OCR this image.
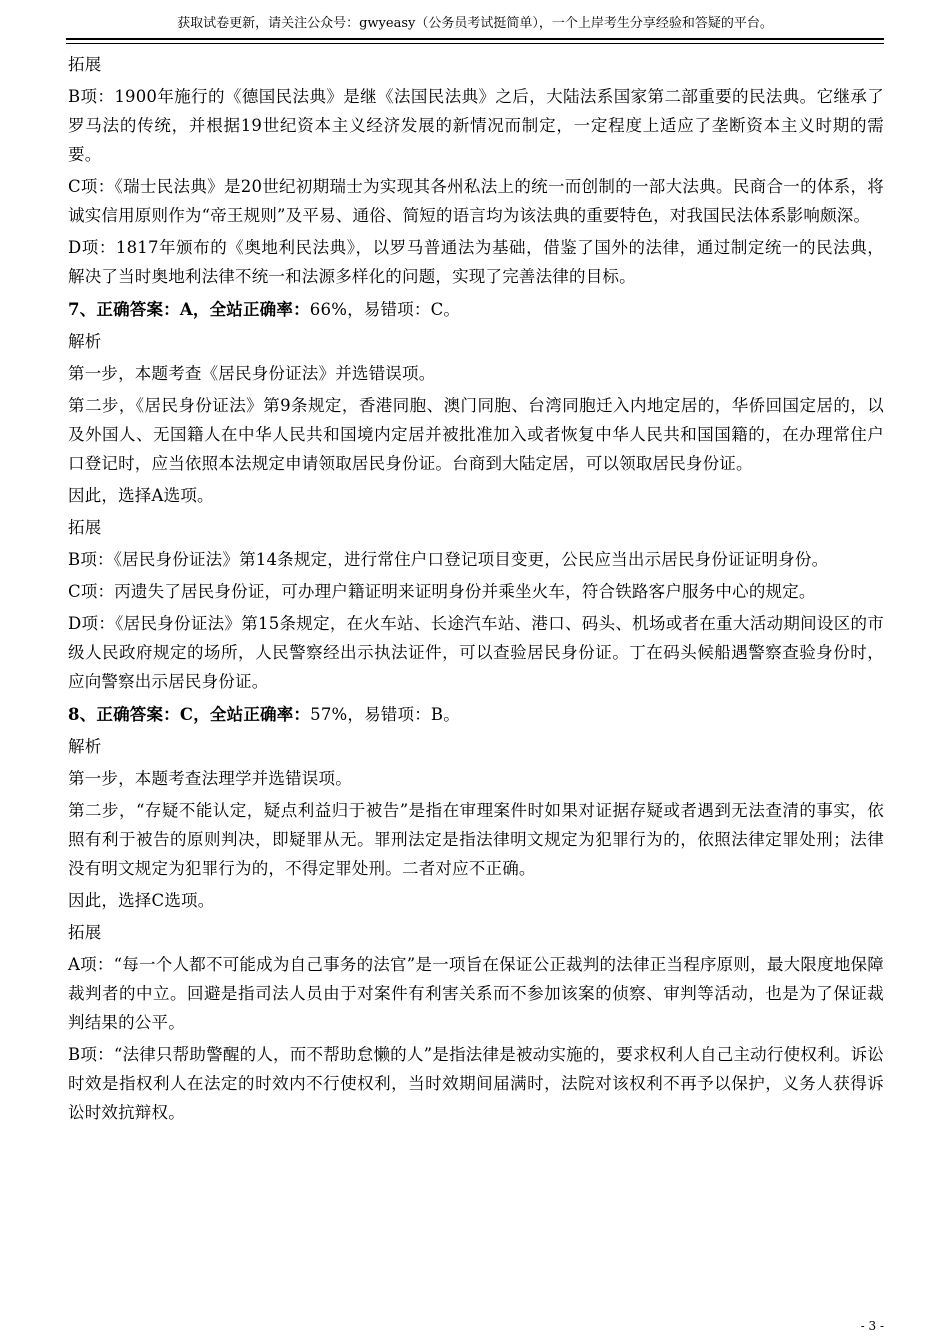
获取试卷更新，请关注公众号：gwyeasy（公务员考试挺简单），一个上岸考生分享经验和答疑的平台。

拓展

B项：1900年施行的《德国民法典》是继《法国民法典》之后，大陆法系国家第二部重要的民法典。它继承了罗马法的传统，并根据19世纪资本主义经济发展的新情况而制定，一定程度上适应了垄断资本主义时期的需要。

C项：《瑞士民法典》是20世纪初期瑞士为实现其各州私法上的统一而创制的一部大法典。民商合一的体系，将诚实信用原则作为“帝王规则”及平易、通俗、简短的语言均为该法典的重要特色，对我国民法体系影响颇深。

D项：1817年颁布的《奥地利民法典》，以罗马普通法为基础，借鉴了国外的法律，通过制定统一的民法典，解决了当时奥地利法律不统一和法源多样化的问题，实现了完善法律的目标。

7、正确答案：A，全站正确率：66%，易错项：C。

解析

第一步，本题考查《居民身份证法》并选错误项。

第二步，《居民身份证法》第9条规定，香港同胞、澳门同胞、台湾同胞迁入内地定居的，华侨回国定居的，以及外国人、无国籍人在中华人民共和国境内定居并被批准加入或者恢复中华人民共和国国籍的，在办理常住户口登记时，应当依照本法规定申请领取居民身份证。台商到大陆定居，可以领取居民身份证。

因此，选择A选项。

拓展

B项：《居民身份证法》第14条规定，进行常住户口登记项目变更，公民应当出示居民身份证证明身份。

C项：丙遗失了居民身份证，可办理户籍证明来证明身份并乘坐火车，符合铁路客户服务中心的规定。

D项：《居民身份证法》第15条规定，在火车站、长途汽车站、港口、码头、机场或者在重大活动期间设区的市级人民政府规定的场所，人民警察经出示执法证件，可以查验居民身份证。丁在码头候船遇警察查验身份时，应向警察出示居民身份证。

8、正确答案：C，全站正确率：57%，易错项：B。

解析

第一步，本题考查法理学并选错误项。

第二步，“存疑不能认定，疑点利益归于被告”是指在审理案件时如果对证据存疑或者遇到无法查清的事实，依照有利于被告的原则判决，即疑罪从无。罪刑法定是指法律明文规定为犯罪行为的，依照法律定罪处刑；法律没有明文规定为犯罪行为的，不得定罪处刑。二者对应不正确。

因此，选择C选项。

拓展

A项：“每一个人都不可能成为自己事务的法官”是一项旨在保证公正裁判的法律正当程序原则，最大限度地保障裁判者的中立。回避是指司法人员由于对案件有利害关系而不参加该案的侦察、审判等活动，也是为了保证裁判结果的公平。

B项：“法律只帮助警醒的人，而不帮助怠懒的人”是指法律是被动实施的，要求权利人自己主动行使权利。诉讼时效是指权利人在法定的时效内不行使权利，当时效期间届满时，法院对该权利不再予以保护，义务人获得诉讼时效抗辩权。

- 3 -
